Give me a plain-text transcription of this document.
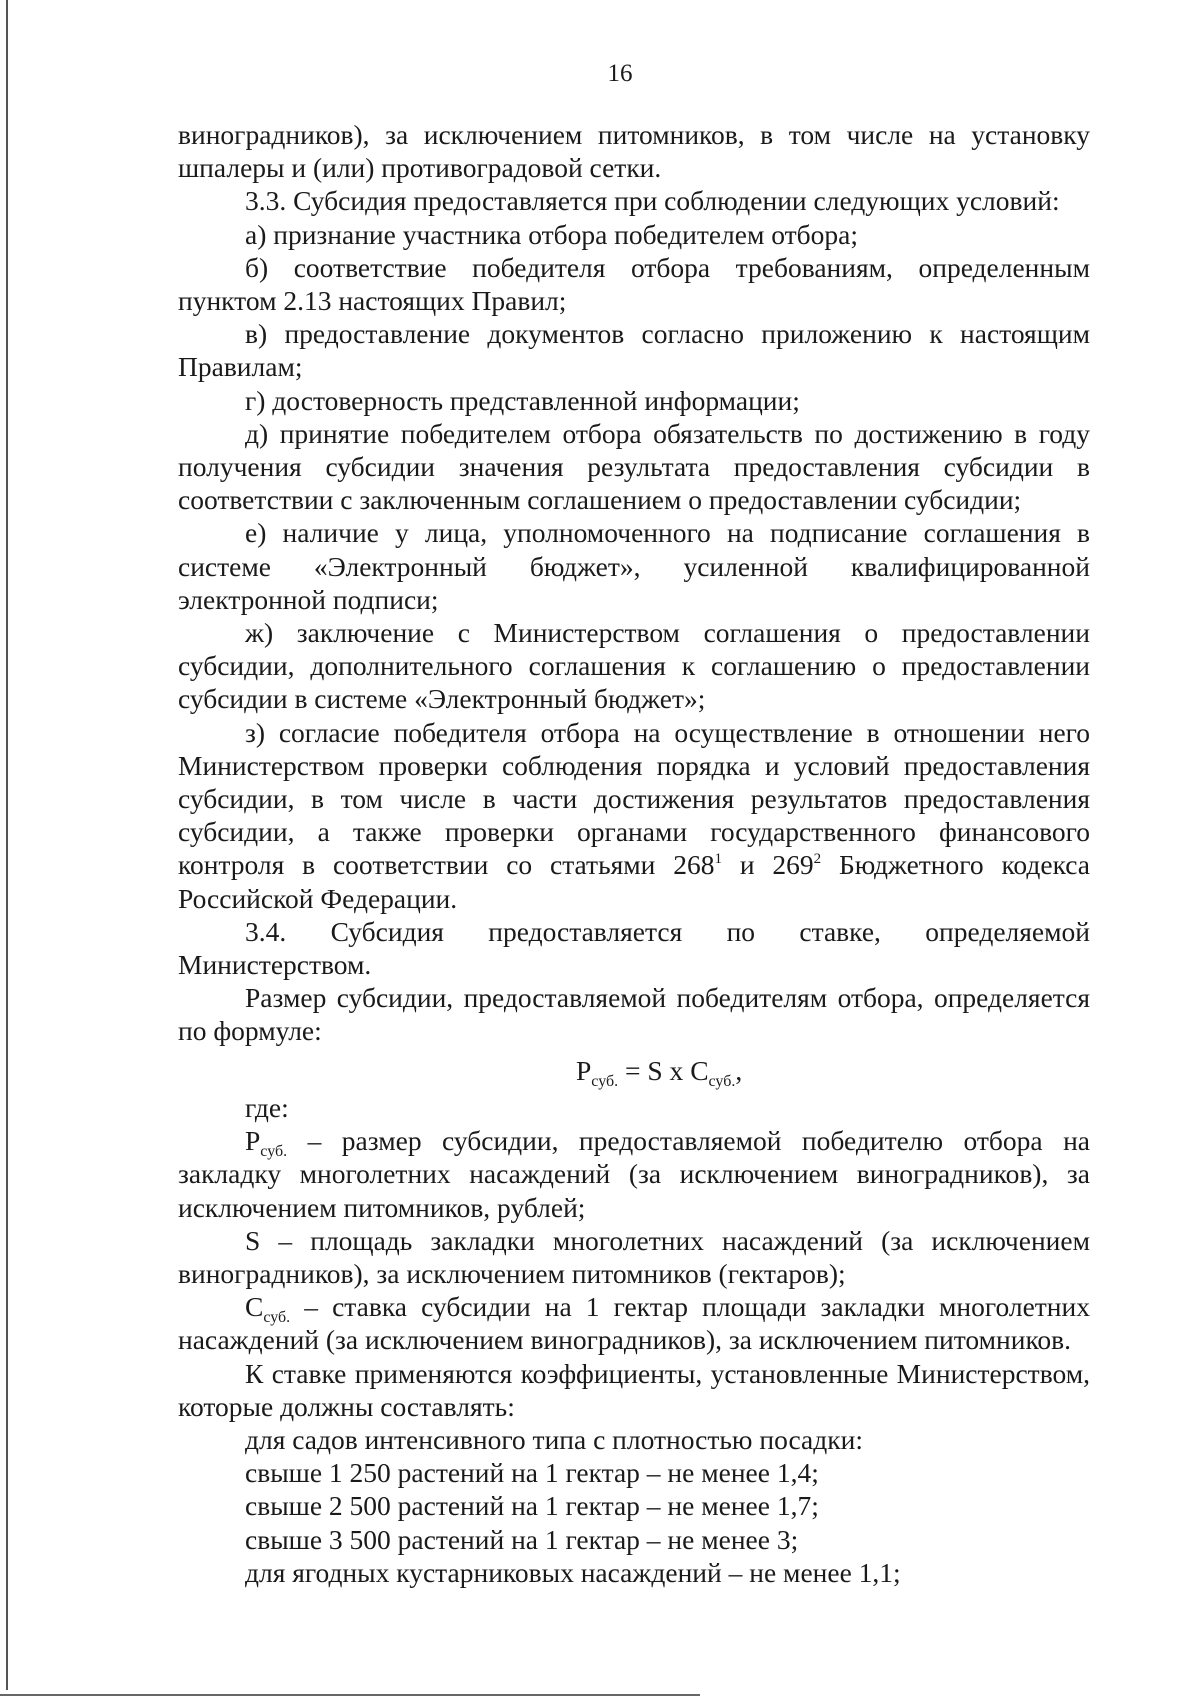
16

виноградников), за исключением питомников, в том числе на установку шпалеры и (или) противоградовой сетки.

3.3. Субсидия предоставляется при соблюдении следующих условий:

а) признание участника отбора победителем отбора;

б) соответствие победителя отбора требованиям, определенным пунктом 2.13 настоящих Правил;

в) предоставление документов согласно приложению к настоящим Правилам;

г) достоверность представленной информации;

д) принятие победителем отбора обязательств по достижению в году получения субсидии значения результата предоставления субсидии в соответствии с заключенным соглашением о предоставлении субсидии;

е) наличие у лица, уполномоченного на подписание соглашения в системе «Электронный бюджет», усиленной квалифицированной электронной подписи;

ж) заключение с Министерством соглашения о предоставлении субсидии, дополнительного соглашения к соглашению о предоставлении субсидии в системе «Электронный бюджет»;

з) согласие победителя отбора на осуществление в отношении него Министерством проверки соблюдения порядка и условий предоставления субсидии, в том числе в части достижения результатов предоставления субсидии, а также проверки органами государственного финансового контроля в соответствии со статьями $268^1$ и $269^2$ Бюджетного кодекса Российской Федерации.

3.4. Субсидия предоставляется по ставке, определяемой Министерством.

Размер субсидии, предоставляемой победителям отбора, определяется по формуле:

$P_{суб.} = S$ x $C_{суб.}$,

где:

$P_{суб.}$ – размер субсидии, предоставляемой победителю отбора на закладку многолетних насаждений (за исключением виноградников), за исключением питомников, рублей;

S – площадь закладки многолетних насаждений (за исключением виноградников), за исключением питомников (гектаров);

$C_{суб.}$ – ставка субсидии на 1 гектар площади закладки многолетних насаждений (за исключением виноградников), за исключением питомников.

К ставке применяются коэффициенты, установленные Министерством, которые должны составлять:

для садов интенсивного типа с плотностью посадки:

свыше 1 250 растений на 1 гектар – не менее 1,4;

свыше 2 500 растений на 1 гектар – не менее 1,7;

свыше 3 500 растений на 1 гектар – не менее 3;

для ягодных кустарниковых насаждений – не менее 1,1;
